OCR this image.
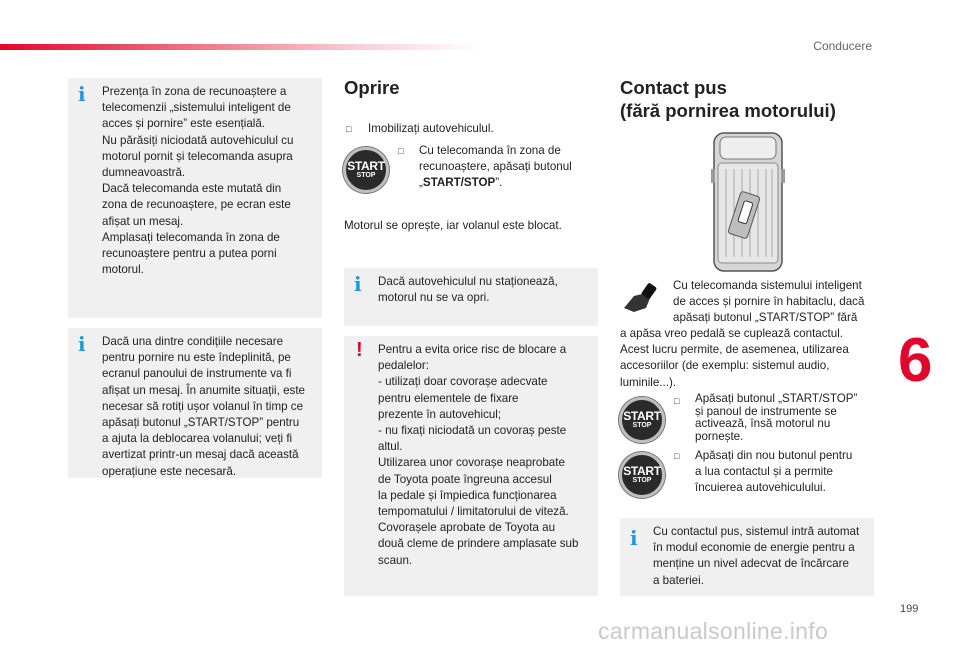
Conducere
6
199
carmanualsonline.info
i Prezența în zona de recunoaștere a
telecomenzii „sistemului inteligent de
acces și pornire” este esențială.
Nu părăsiți niciodată autovehiculul cu
motorul pornit și telecomanda asupra
dumneavoastră.
Dacă telecomanda este mutată din
zona de recunoaștere, pe ecran este
afișat un mesaj.
Amplasați telecomanda în zona de
recunoaștere pentru a putea porni
motorul.

i Dacă una dintre condițiile necesare
pentru pornire nu este îndeplinită, pe
ecranul panoului de instrumente va fi
afișat un mesaj. În anumite situații, este
necesar să rotiți ușor volanul în timp ce
apăsați butonul „START/STOP” pentru
a ajuta la deblocarea volanului; veți fi
avertizat printr-un mesaj dacă această
operațiune este necesară.

Oprire
□ Imobilizați autovehiculul.
START
STOP
□ Cu telecomanda în zona de
recunoaștere, apăsați butonul
„START/STOP”.
Motorul se oprește, iar volanul este blocat.
i Dacă autovehiculul nu staționează,
motorul nu se va opri.

! Pentru a evita orice risc de blocare a
pedalelor:
- utilizați doar covorașe adecvate
pentru elementele de fixare
prezente în autovehicul;
- nu fixați niciodată un covoraș peste
altul.
Utilizarea unor covorașe neaprobate
de Toyota poate îngreuna accesul
la pedale și împiedica funcționarea
tempomatului / limitatorului de viteză.
Covorașele aprobate de Toyota au
două cleme de prindere amplasate sub
scaun.

Contact pus
(fără pornirea motorului)
Cu telecomanda sistemului inteligent
de acces și pornire în habitaclu, dacă
apăsați butonul „START/STOP” fără
a apăsa vreo pedală se cuplează contactul.
Acest lucru permite, de asemenea, utilizarea
accesoriilor (de exemplu: sistemul audio,
luminile...).
START
STOP
□ Apăsați butonul „START/STOP”
și panoul de instrumente se
activează, însă motorul nu
pornește.
START
STOP
□ Apăsați din nou butonul pentru
a lua contactul și a permite
încuierea autovehiculului.
i Cu contactul pus, sistemul intră automat
în modul economie de energie pentru a
menține un nivel adecvat de încărcare
a bateriei.
